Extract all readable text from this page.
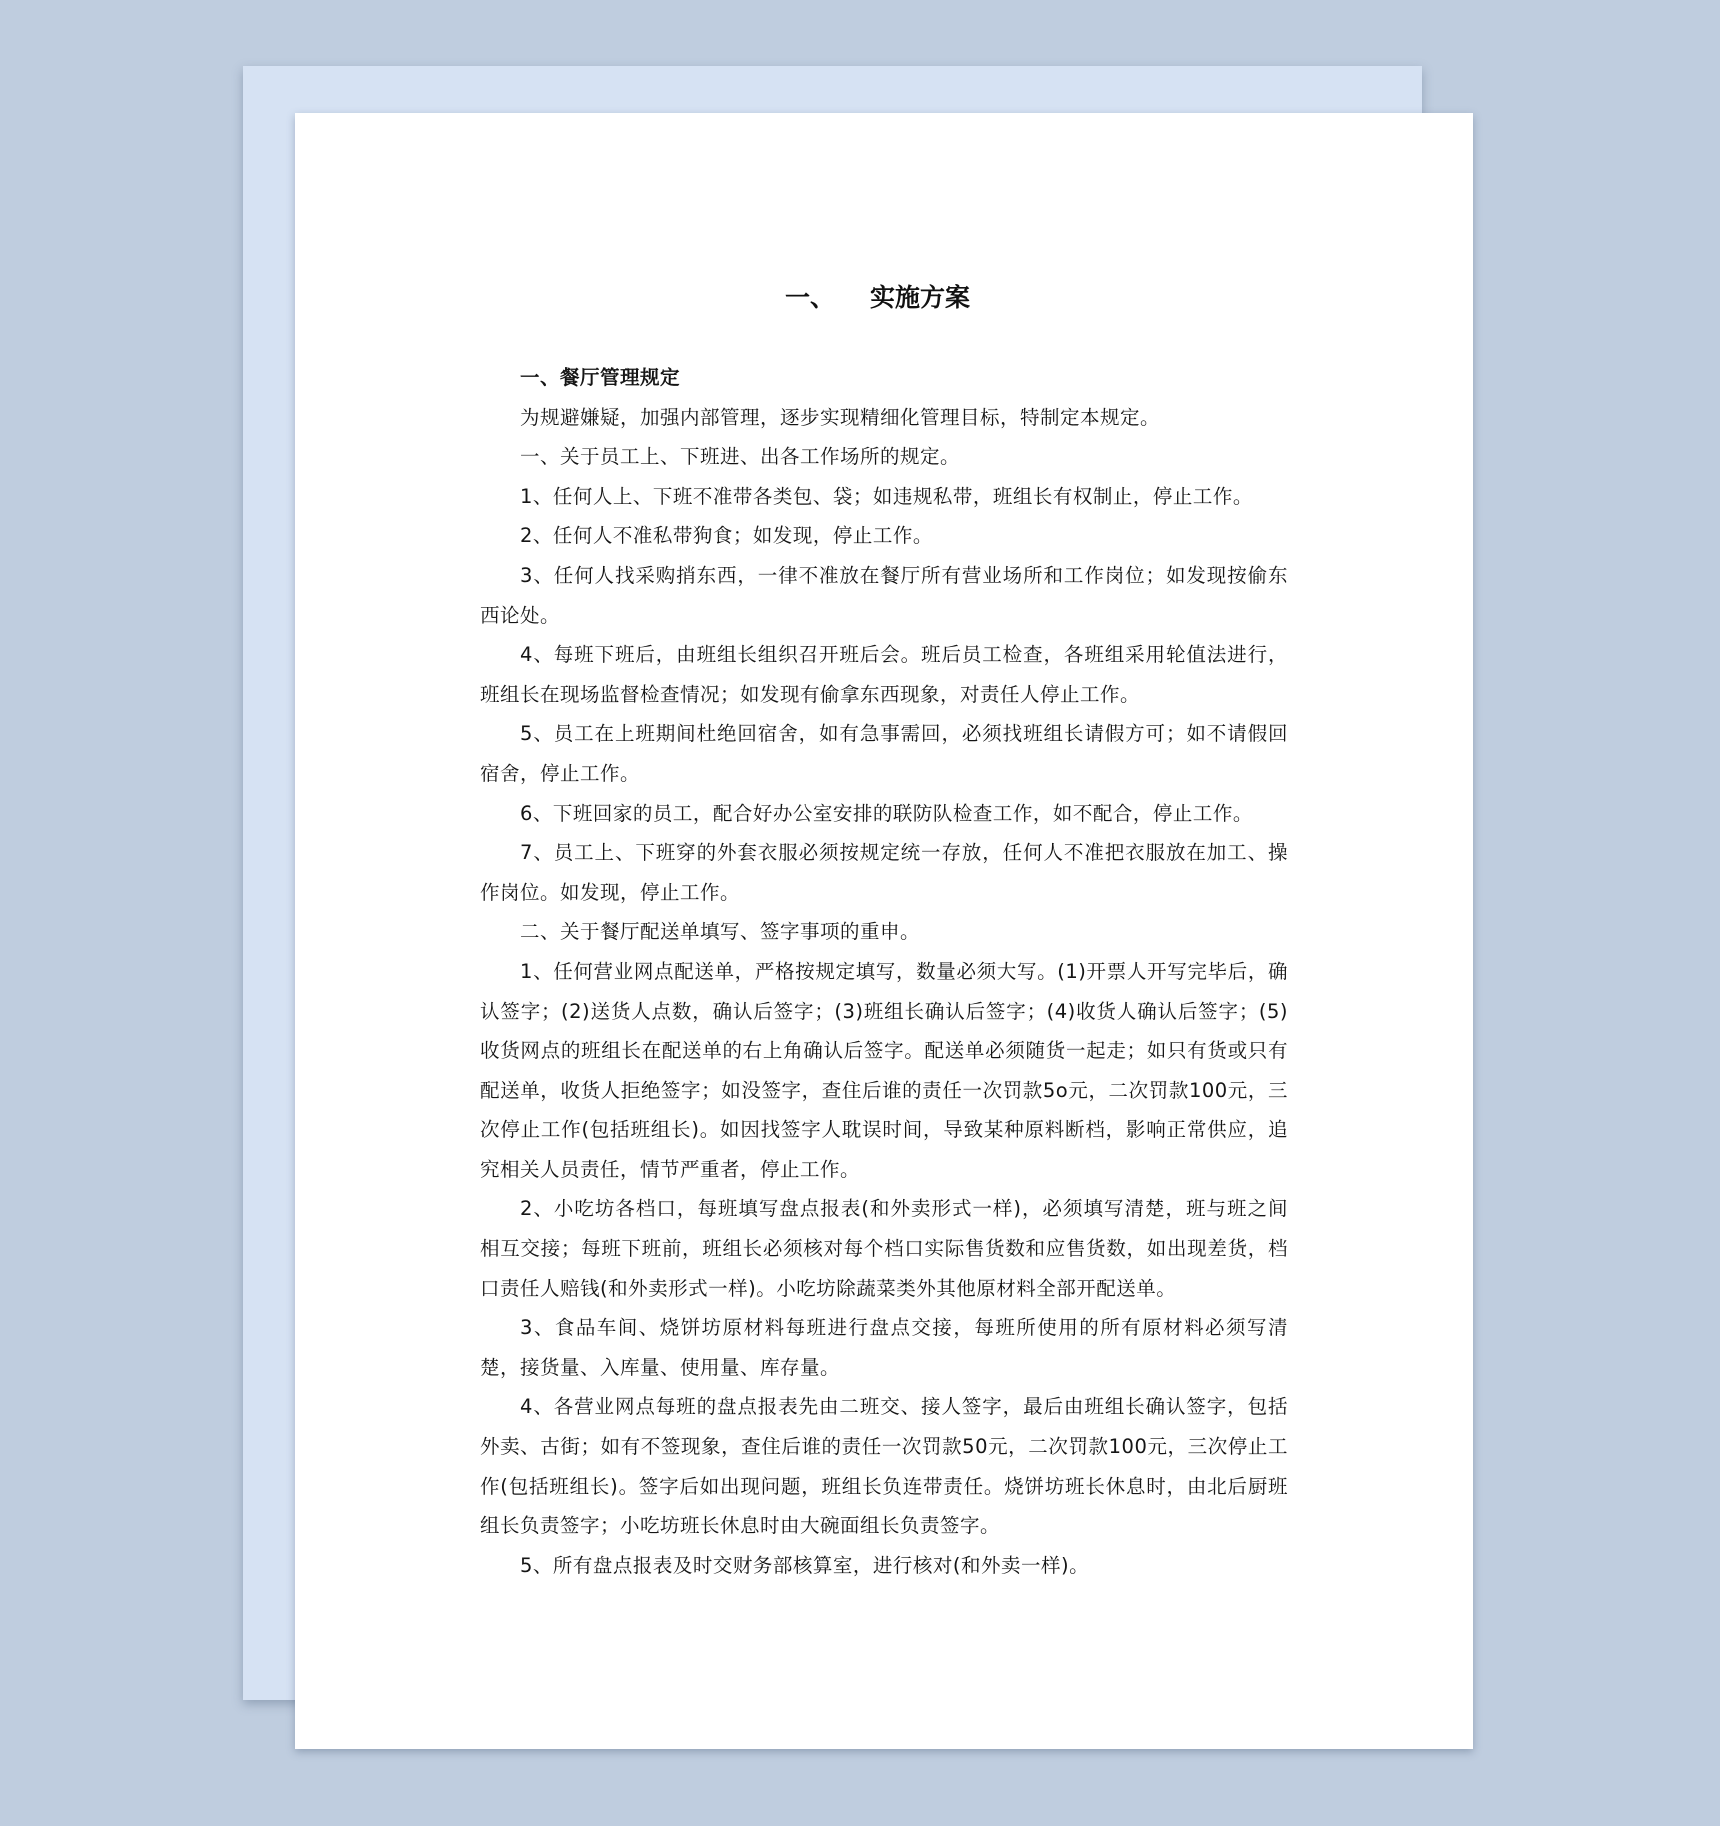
一、 实施方案

一、餐厅管理规定

为规避嫌疑，加强内部管理，逐步实现精细化管理目标，特制定本规定。

一、关于员工上、下班进、出各工作场所的规定。

1、任何人上、下班不准带各类包、袋；如违规私带，班组长有权制止，停止工作。

2、任何人不准私带狗食；如发现，停止工作。

3、任何人找采购捎东西，一律不准放在餐厅所有营业场所和工作岗位；如发现按偷东西论处。

4、每班下班后，由班组长组织召开班后会。班后员工检查，各班组采用轮值法进行，班组长在现场监督检查情况；如发现有偷拿东西现象，对责任人停止工作。

5、员工在上班期间杜绝回宿舍，如有急事需回，必须找班组长请假方可；如不请假回宿舍，停止工作。

6、下班回家的员工，配合好办公室安排的联防队检查工作，如不配合，停止工作。

7、员工上、下班穿的外套衣服必须按规定统一存放，任何人不准把衣服放在加工、操作岗位。如发现，停止工作。

二、关于餐厅配送单填写、签字事项的重申。

1、任何营业网点配送单，严格按规定填写，数量必须大写。(1)开票人开写完毕后，确认签字；(2)送货人点数，确认后签字；(3)班组长确认后签字；(4)收货人确认后签字；(5)收货网点的班组长在配送单的右上角确认后签字。配送单必须随货一起走；如只有货或只有配送单，收货人拒绝签字；如没签字，查住后谁的责任一次罚款5o元，二次罚款100元，三次停止工作(包括班组长)。如因找签字人耽误时间，导致某种原料断档，影响正常供应，追究相关人员责任，情节严重者，停止工作。

2、小吃坊各档口，每班填写盘点报表(和外卖形式一样)，必须填写清楚，班与班之间相互交接；每班下班前，班组长必须核对每个档口实际售货数和应售货数，如出现差货，档口责任人赔钱(和外卖形式一样)。小吃坊除蔬菜类外其他原材料全部开配送单。

3、食品车间、烧饼坊原材料每班进行盘点交接，每班所使用的所有原材料必须写清楚，接货量、入库量、使用量、库存量。

4、各营业网点每班的盘点报表先由二班交、接人签字，最后由班组长确认签字，包括外卖、古街；如有不签现象，查住后谁的责任一次罚款50元，二次罚款100元，三次停止工作(包括班组长)。签字后如出现问题，班组长负连带责任。烧饼坊班长休息时，由北后厨班组长负责签字；小吃坊班长休息时由大碗面组长负责签字。

5、所有盘点报表及时交财务部核算室，进行核对(和外卖一样)。
